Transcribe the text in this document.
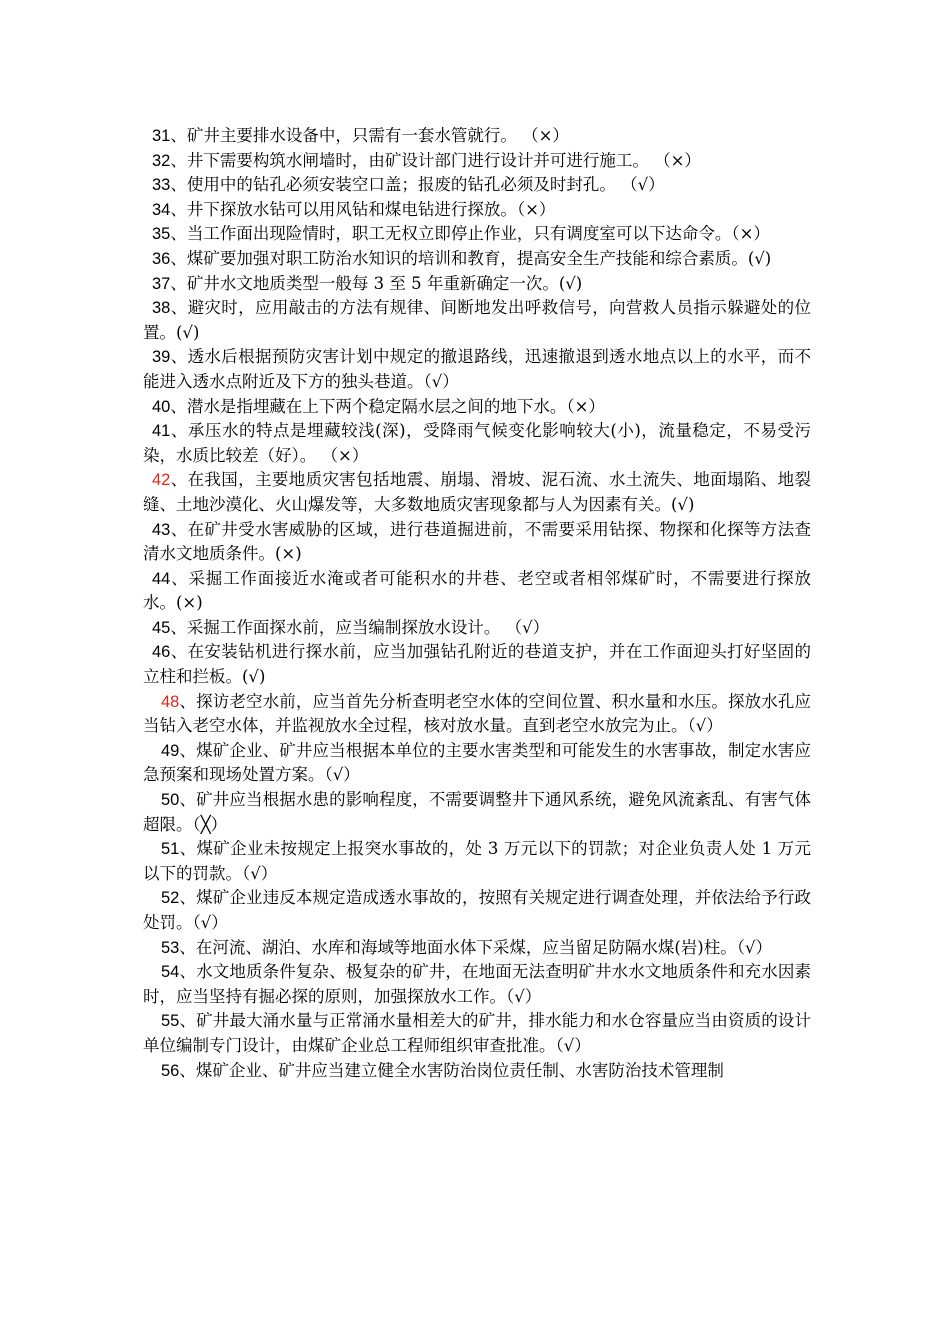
31、矿井主要排水设备中，只需有一套水管就行。 （×）

32、井下需要构筑水闸墙时，由矿设计部门进行设计并可进行施工。 （×）

33、使用中的钻孔必须安装空口盖；报废的钻孔必须及时封孔。 （√）

34、井下探放水钻可以用风钻和煤电钻进行探放。（×）

35、当工作面出现险情时，职工无权立即停止作业，只有调度室可以下达命令。（×）

36、煤矿要加强对职工防治水知识的培训和教育，提高安全生产技能和综合素质。(√)

37、矿井水文地质类型一般每 3 至 5 年重新确定一次。(√)

38、避灾时，应用敲击的方法有规律、间断地发出呼救信号，向营救人员指示躲避处的位置。(√)

39、透水后根据预防灾害计划中规定的撤退路线，迅速撤退到透水地点以上的水平，而不能进入透水点附近及下方的独头巷道。（√）

40、潜水是指埋藏在上下两个稳定隔水层之间的地下水。（×）

41、承压水的特点是埋藏较浅(深)，受降雨气候变化影响较大(小)，流量稳定，不易受污染，水质比较差（好）。 （×）

42、在我国，主要地质灾害包括地震、崩塌、滑坡、泥石流、水土流失、地面塌陷、地裂缝、土地沙漠化、火山爆发等，大多数地质灾害现象都与人为因素有关。(√)

43、在矿井受水害威胁的区域，进行巷道掘进前，不需要采用钻探、物探和化探等方法查清水文地质条件。(×)

44、采掘工作面接近水淹或者可能积水的井巷、老空或者相邻煤矿时，不需要进行探放水。(×)

45、采掘工作面探水前，应当编制探放水设计。 （√）

46、在安装钻机进行探水前，应当加强钻孔附近的巷道支护，并在工作面迎头打好坚固的立柱和拦板。(√)

48、探访老空水前，应当首先分析查明老空水体的空间位置、积水量和水压。探放水孔应当钻入老空水体，并监视放水全过程，核对放水量。直到老空水放完为止。（√）

49、煤矿企业、矿井应当根据本单位的主要水害类型和可能发生的水害事故，制定水害应急预案和现场处置方案。（√）

50、矿井应当根据水患的影响程度，不需要调整井下通风系统，避免风流紊乱、有害气体超限。（╳）

51、煤矿企业未按规定上报突水事故的，处 3 万元以下的罚款；对企业负责人处 1 万元以下的罚款。（√）

52、煤矿企业违反本规定造成透水事故的，按照有关规定进行调查处理，并依法给予行政处罚。（√）

53、在河流、湖泊、水库和海域等地面水体下采煤，应当留足防隔水煤(岩)柱。（√）

54、水文地质条件复杂、极复杂的矿井，在地面无法查明矿井水水文地质条件和充水因素时，应当坚持有掘必探的原则，加强探放水工作。（√）

55、矿井最大涌水量与正常涌水量相差大的矿井，排水能力和水仓容量应当由资质的设计单位编制专门设计，由煤矿企业总工程师组织审查批准。（√）

56、煤矿企业、矿井应当建立健全水害防治岗位责任制、水害防治技术管理制
